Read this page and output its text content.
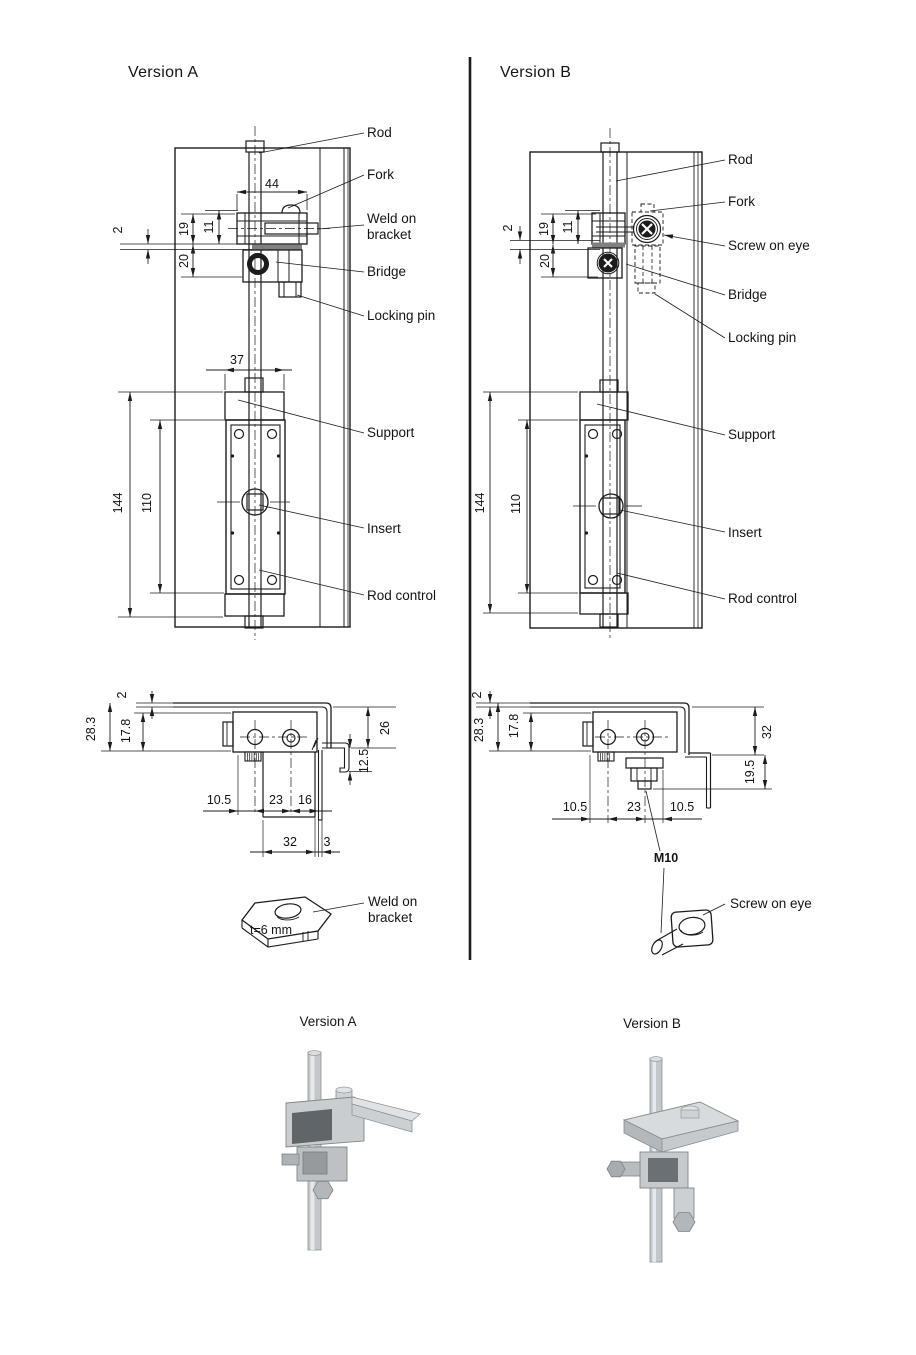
Version A	Version B
Rod
Fork
Weld on bracket
Bridge
Locking pin
Support
Insert
Rod control
44
2	19 11
20
37
144 110
2
28.3 17.8	26
12.5
10.5	23 16
32 3
t=6 mm
Weld on bracket
Version A
Rod
Fork
Screw on eye
Bridge
Locking pin
Support
Insert
Rod control
2 19 11
20
144 110
2
28.3 17.8	32
19.5
10.5	23 10.5
M10
Screw on eye
Version B
